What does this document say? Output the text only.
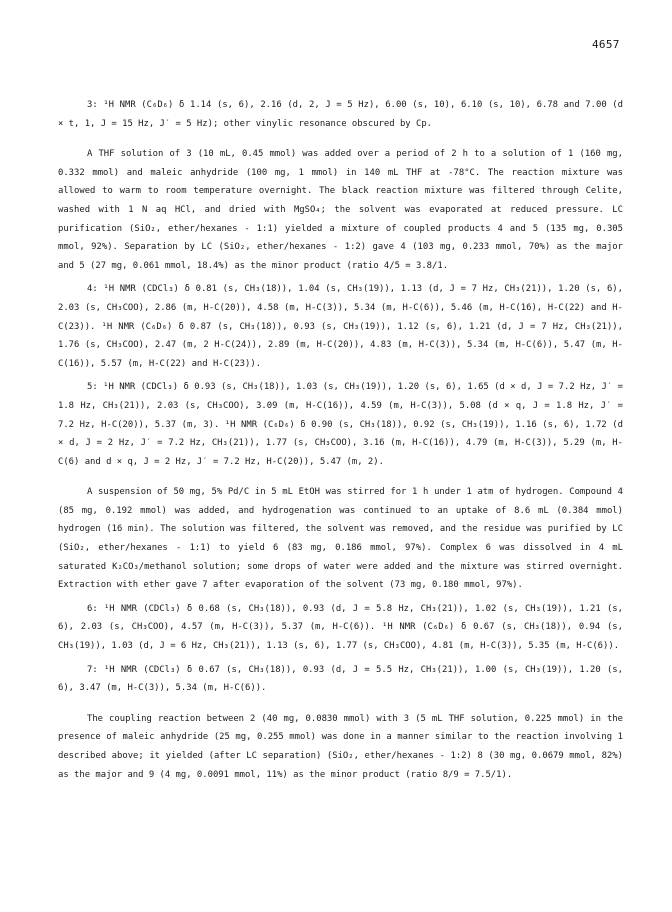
4657

3: ¹H NMR (C₆D₆) δ 1.14 (s, 6), 2.16 (d, 2, J = 5 Hz), 6.00 (s, 10), 6.10 (s, 10), 6.78 and 7.00 (d × t, 1, J = 15 Hz, J′ = 5 Hz); other vinylic resonance obscured by Cp.

A THF solution of 3 (10 mL, 0.45 mmol) was added over a period of 2 h to a solution of 1 (160 mg, 0.332 mmol) and maleic anhydride (100 mg, 1 mmol) in 140 mL THF at -78°C. The reaction mixture was allowed to warm to room temperature overnight. The black reaction mixture was filtered through Celite, washed with 1 N aq HCl, and dried with MgSO₄; the solvent was evaporated at reduced pressure. LC purification (SiO₂, ether/hexanes - 1:1) yielded a mixture of coupled products 4 and 5 (135 mg, 0.305 mmol, 92%). Separation by LC (SiO₂, ether/hexanes - 1:2) gave 4 (103 mg, 0.233 mmol, 70%) as the major and 5 (27 mg, 0.061 mmol, 18.4%) as the minor product (ratio 4/5 = 3.8/1.

4: ¹H NMR (CDCl₃) δ 0.81 (s, CH₃(18)), 1.04 (s, CH₃(19)), 1.13 (d, J = 7 Hz, CH₃(21)), 1.20 (s, 6), 2.03 (s, CH₃COO), 2.86 (m, H-C(20)), 4.58 (m, H-C(3)), 5.34 (m, H-C(6)), 5.46 (m, H-C(16), H-C(22) and H-C(23)). ¹H NMR (C₆D₆) δ 0.87 (s, CH₃(18)), 0.93 (s, CH₃(19)), 1.12 (s, 6), 1.21 (d, J = 7 Hz, CH₃(21)), 1.76 (s, CH₃COO), 2.47 (m, 2 H-C(24)), 2.89 (m, H-C(20)), 4.83 (m, H-C(3)), 5.34 (m, H-C(6)), 5.47 (m, H-C(16)), 5.57 (m, H-C(22) and H-C(23)).

5: ¹H NMR (CDCl₃) δ 0.93 (s, CH₃(18)), 1.03 (s, CH₃(19)), 1.20 (s, 6), 1.65 (d × d, J = 7.2 Hz, J′ = 1.8 Hz, CH₃(21)), 2.03 (s, CH₃COO), 3.09 (m, H-C(16)), 4.59 (m, H-C(3)), 5.08 (d × q, J = 1.8 Hz, J′ = 7.2 Hz, H-C(20)), 5.37 (m, 3). ¹H NMR (C₆D₆) δ 0.90 (s, CH₃(18)), 0.92 (s, CH₃(19)), 1.16 (s, 6), 1.72 (d × d, J = 2 Hz, J′ = 7.2 Hz, CH₃(21)), 1.77 (s, CH₃COO), 3.16 (m, H-C(16)), 4.79 (m, H-C(3)), 5.29 (m, H-C(6) and d × q, J = 2 Hz, J′ = 7.2 Hz, H-C(20)), 5.47 (m, 2).

A suspension of 50 mg, 5% Pd/C in 5 mL EtOH was stirred for 1 h under 1 atm of hydrogen. Compound 4 (85 mg, 0.192 mmol) was added, and hydrogenation was continued to an uptake of 8.6 mL (0.384 mmol) hydrogen (16 min). The solution was filtered, the solvent was removed, and the residue was purified by LC (SiO₂, ether/hexanes - 1:1) to yield 6 (83 mg, 0.186 mmol, 97%). Complex 6 was dissolved in 4 mL saturated K₂CO₃/methanol solution; some drops of water were added and the mixture was stirred overnight. Extraction with ether gave 7 after evaporation of the solvent (73 mg, 0.180 mmol, 97%).

6: ¹H NMR (CDCl₃) δ 0.68 (s, CH₃(18)), 0.93 (d, J = 5.8 Hz, CH₃(21)), 1.02 (s, CH₃(19)), 1.21 (s, 6), 2.03 (s, CH₃COO), 4.57 (m, H-C(3)), 5.37 (m, H-C(6)). ¹H NMR (C₆D₆) δ 0.67 (s, CH₃(18)), 0.94 (s, CH₃(19)), 1.03 (d, J = 6 Hz, CH₃(21)), 1.13 (s, 6), 1.77 (s, CH₃COO), 4.81 (m, H-C(3)), 5.35 (m, H-C(6)).

7: ¹H NMR (CDCl₃) δ 0.67 (s, CH₃(18)), 0.93 (d, J = 5.5 Hz, CH₃(21)), 1.00 (s, CH₃(19)), 1.20 (s, 6), 3.47 (m, H-C(3)), 5.34 (m, H-C(6)).

The coupling reaction between 2 (40 mg, 0.0830 mmol) with 3 (5 mL THF solution, 0.225 mmol) in the presence of maleic anhydride (25 mg, 0.255 mmol) was done in a manner similar to the reaction involving 1 described above; it yielded (after LC separation) (SiO₂, ether/hexanes - 1:2) 8 (30 mg, 0.0679 mmol, 82%) as the major and 9 (4 mg, 0.0091 mmol, 11%) as the minor product (ratio 8/9 = 7.5/1).
